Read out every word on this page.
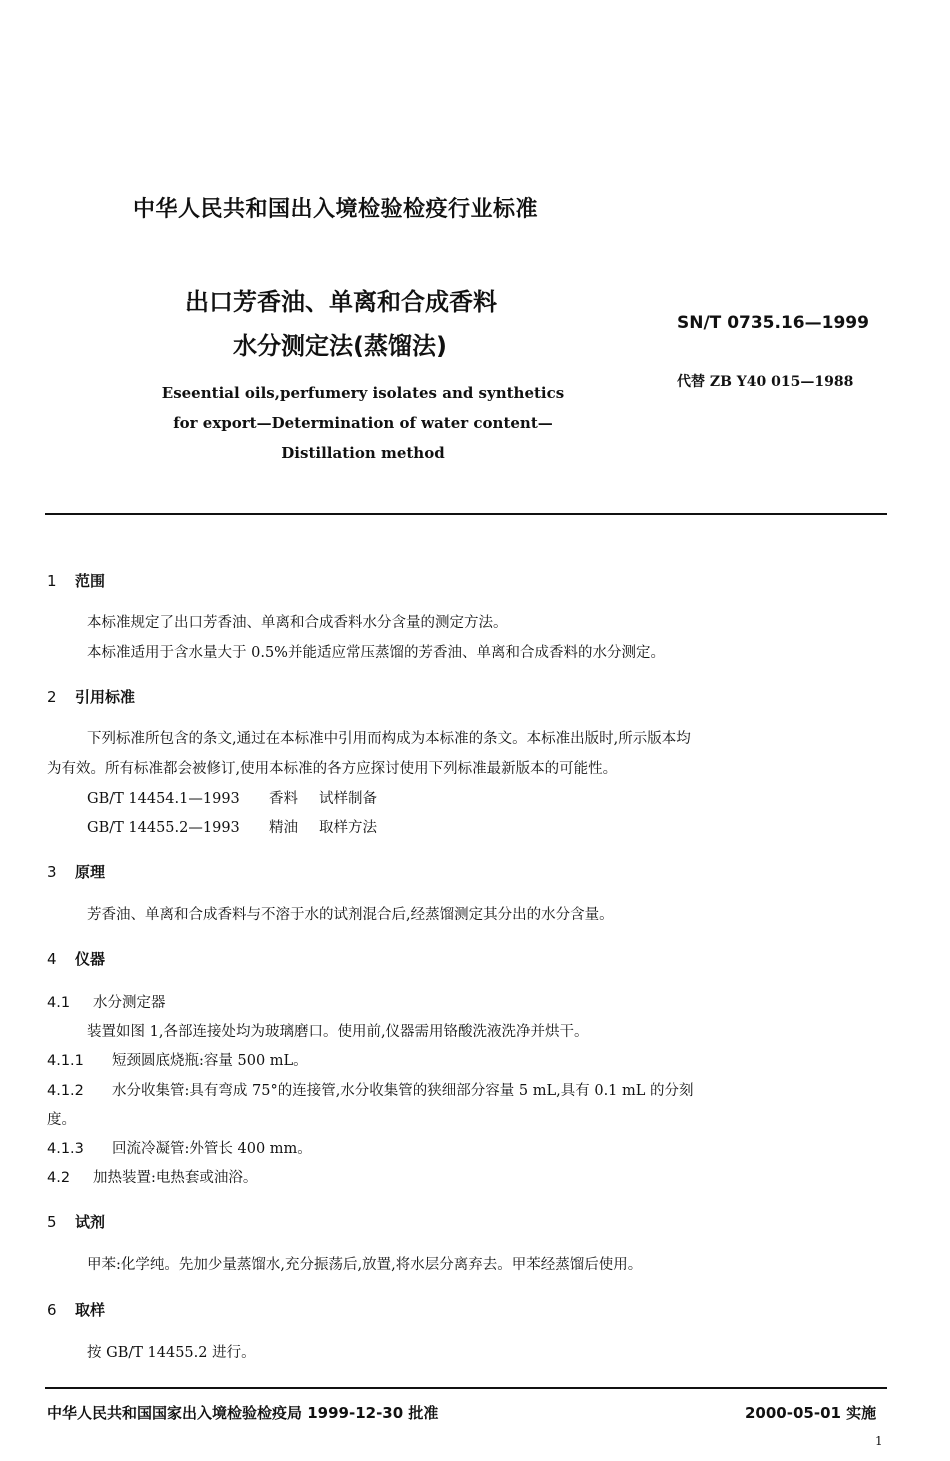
中华人民共和国出入境检验检疫行业标准
出口芳香油、单离和合成香料
水分测定法(蒸馏法)
SN/T 0735.16—1999
代替 ZB Y40 015—1988
Eseential oils,perfumery isolates and synthetics
for export—Determination of water content—
Distillation method
1 范围
本标准规定了出口芳香油、单离和合成香料水分含量的测定方法。
本标准适用于含水量大于 0.5%并能适应常压蒸馏的芳香油、单离和合成香料的水分测定。
2 引用标准
下列标准所包含的条文,通过在本标准中引用而构成为本标准的条文。本标准出版时,所示版本均
为有效。所有标准都会被修订,使用本标准的各方应探讨使用下列标准最新版本的可能性。
GB/T 14454.1—1993 香料 试样制备
GB/T 14455.2—1993 精油 取样方法
3 原理
芳香油、单离和合成香料与不溶于水的试剂混合后,经蒸馏测定其分出的水分含量。
4 仪器
4.1 水分测定器
装置如图 1,各部连接处均为玻璃磨口。使用前,仪器需用铬酸洗液洗净并烘干。
4.1.1 短颈圆底烧瓶:容量 500 mL。
4.1.2 水分收集管:具有弯成 75°的连接管,水分收集管的狭细部分容量 5 mL,具有 0.1 mL 的分刻
度。
4.1.3 回流冷凝管:外管长 400 mm。
4.2 加热装置:电热套或油浴。
5 试剂
甲苯:化学纯。先加少量蒸馏水,充分振荡后,放置,将水层分离弃去。甲苯经蒸馏后使用。
6 取样
按 GB/T 14455.2 进行。
中华人民共和国国家出入境检验检疫局 1999-12-30 批准	2000-05-01 实施
1
